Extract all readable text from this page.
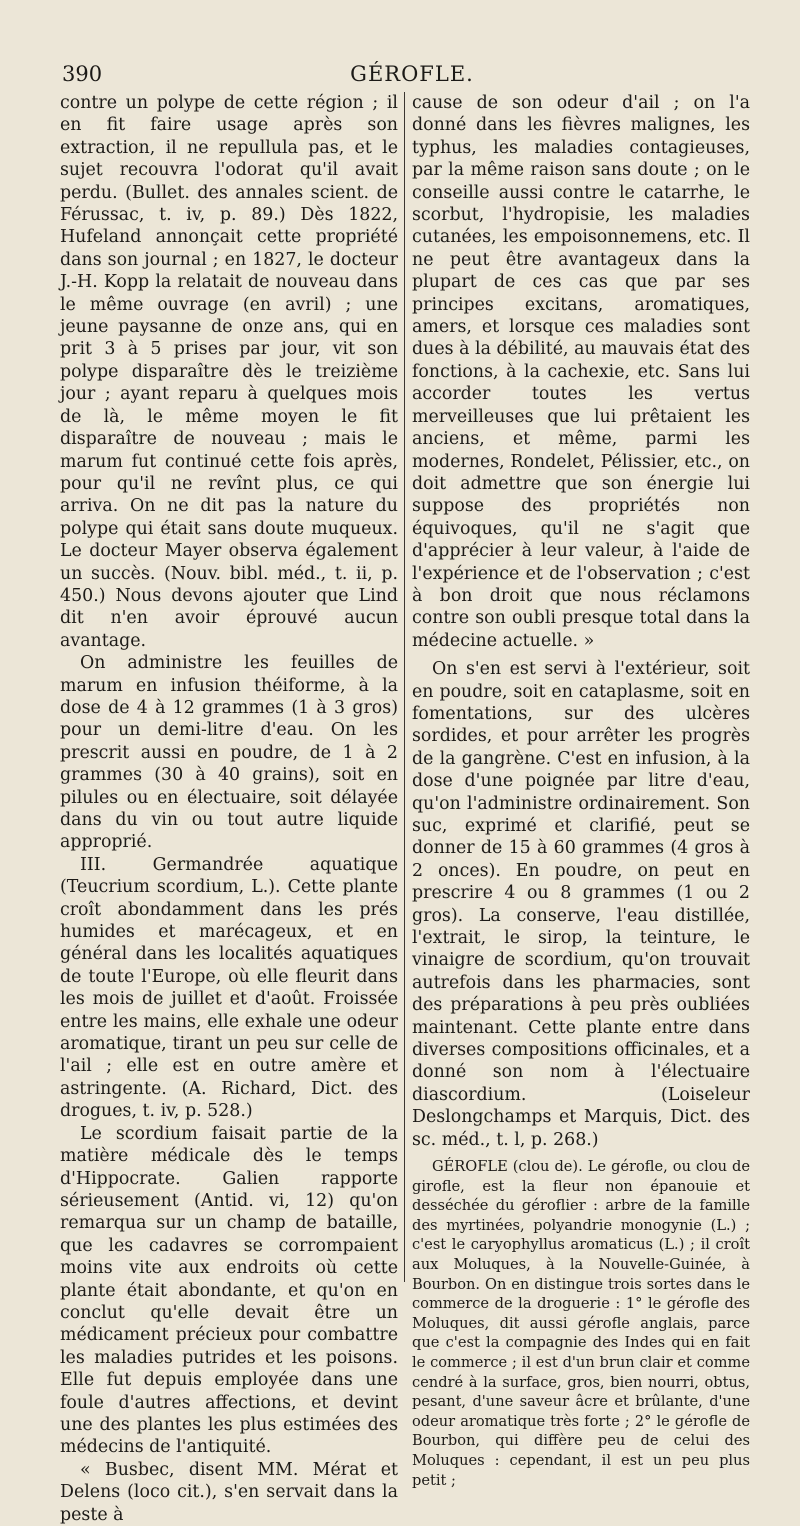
390	GÉROFLE.

contre un polype de cette région ; il en fit faire usage après son extraction, il ne repullula pas, et le sujet recouvra l'odorat qu'il avait perdu. (Bullet. des annales scient. de Férussac, t. iv, p. 89.) Dès 1822, Hufeland annonçait cette propriété dans son journal ; en 1827, le docteur J.-H. Kopp la relatait de nouveau dans le même ouvrage (en avril) ; une jeune paysanne de onze ans, qui en prit 3 à 5 prises par jour, vit son polype disparaître dès le treizième jour ; ayant reparu à quelques mois de là, le même moyen le fit disparaître de nouveau ; mais le marum fut continué cette fois après, pour qu'il ne revînt plus, ce qui arriva. On ne dit pas la nature du polype qui était sans doute muqueux. Le docteur Mayer observa également un succès. (Nouv. bibl. méd., t. ii, p. 450.) Nous devons ajouter que Lind dit n'en avoir éprouvé aucun avantage.

On administre les feuilles de marum en infusion théiforme, à la dose de 4 à 12 grammes (1 à 3 gros) pour un demi-litre d'eau. On les prescrit aussi en poudre, de 1 à 2 grammes (30 à 40 grains), soit en pilules ou en électuaire, soit délayée dans du vin ou tout autre liquide approprié.

III. Germandrée aquatique (Teucrium scordium, L.). Cette plante croît abondamment dans les prés humides et marécageux, et en général dans les localités aquatiques de toute l'Europe, où elle fleurit dans les mois de juillet et d'août. Froissée entre les mains, elle exhale une odeur aromatique, tirant un peu sur celle de l'ail ; elle est en outre amère et astringente. (A. Richard, Dict. des drogues, t. iv, p. 528.)

Le scordium faisait partie de la matière médicale dès le temps d'Hippocrate. Galien rapporte sérieusement (Antid. vi, 12) qu'on remarqua sur un champ de bataille, que les cadavres se corrompaient moins vite aux endroits où cette plante était abondante, et qu'on en conclut qu'elle devait être un médicament précieux pour combattre les maladies putrides et les poisons. Elle fut depuis employée dans une foule d'autres affections, et devint une des plantes les plus estimées des médecins de l'antiquité.

« Busbec, disent MM. Mérat et Delens (loco cit.), s'en servait dans la peste à

cause de son odeur d'ail ; on l'a donné dans les fièvres malignes, les typhus, les maladies contagieuses, par la même raison sans doute ; on le conseille aussi contre le catarrhe, le scorbut, l'hydropisie, les maladies cutanées, les empoisonnemens, etc. Il ne peut être avantageux dans la plupart de ces cas que par ses principes excitans, aromatiques, amers, et lorsque ces maladies sont dues à la débilité, au mauvais état des fonctions, à la cachexie, etc. Sans lui accorder toutes les vertus merveilleuses que lui prêtaient les anciens, et même, parmi les modernes, Rondelet, Pélissier, etc., on doit admettre que son énergie lui suppose des propriétés non équivoques, qu'il ne s'agit que d'apprécier à leur valeur, à l'aide de l'expérience et de l'observation ; c'est à bon droit que nous réclamons contre son oubli presque total dans la médecine actuelle. »

On s'en est servi à l'extérieur, soit en poudre, soit en cataplasme, soit en fomentations, sur des ulcères sordides, et pour arrêter les progrès de la gangrène. C'est en infusion, à la dose d'une poignée par litre d'eau, qu'on l'administre ordinairement. Son suc, exprimé et clarifié, peut se donner de 15 à 60 grammes (4 gros à 2 onces). En poudre, on peut en prescrire 4 ou 8 grammes (1 ou 2 gros). La conserve, l'eau distillée, l'extrait, le sirop, la teinture, le vinaigre de scordium, qu'on trouvait autrefois dans les pharmacies, sont des préparations à peu près oubliées maintenant. Cette plante entre dans diverses compositions officinales, et a donné son nom à l'électuaire diascordium. (Loiseleur Deslongchamps et Marquis, Dict. des sc. méd., t. l, p. 268.)

GÉROFLE (clou de). Le gérofle, ou clou de girofle, est la fleur non épanouie et desséchée du géroflier : arbre de la famille des myrtinées, polyandrie monogynie (L.) ; c'est le caryophyllus aromaticus (L.) ; il croît aux Moluques, à la Nouvelle-Guinée, à Bourbon. On en distingue trois sortes dans le commerce de la droguerie : 1° le gérofle des Moluques, dit aussi gérofle anglais, parce que c'est la compagnie des Indes qui en fait le commerce ; il est d'un brun clair et comme cendré à la surface, gros, bien nourri, obtus, pesant, d'une saveur âcre et brûlante, d'une odeur aromatique très forte ; 2° le gérofle de Bourbon, qui diffère peu de celui des Moluques : cependant, il est un peu plus petit ;
